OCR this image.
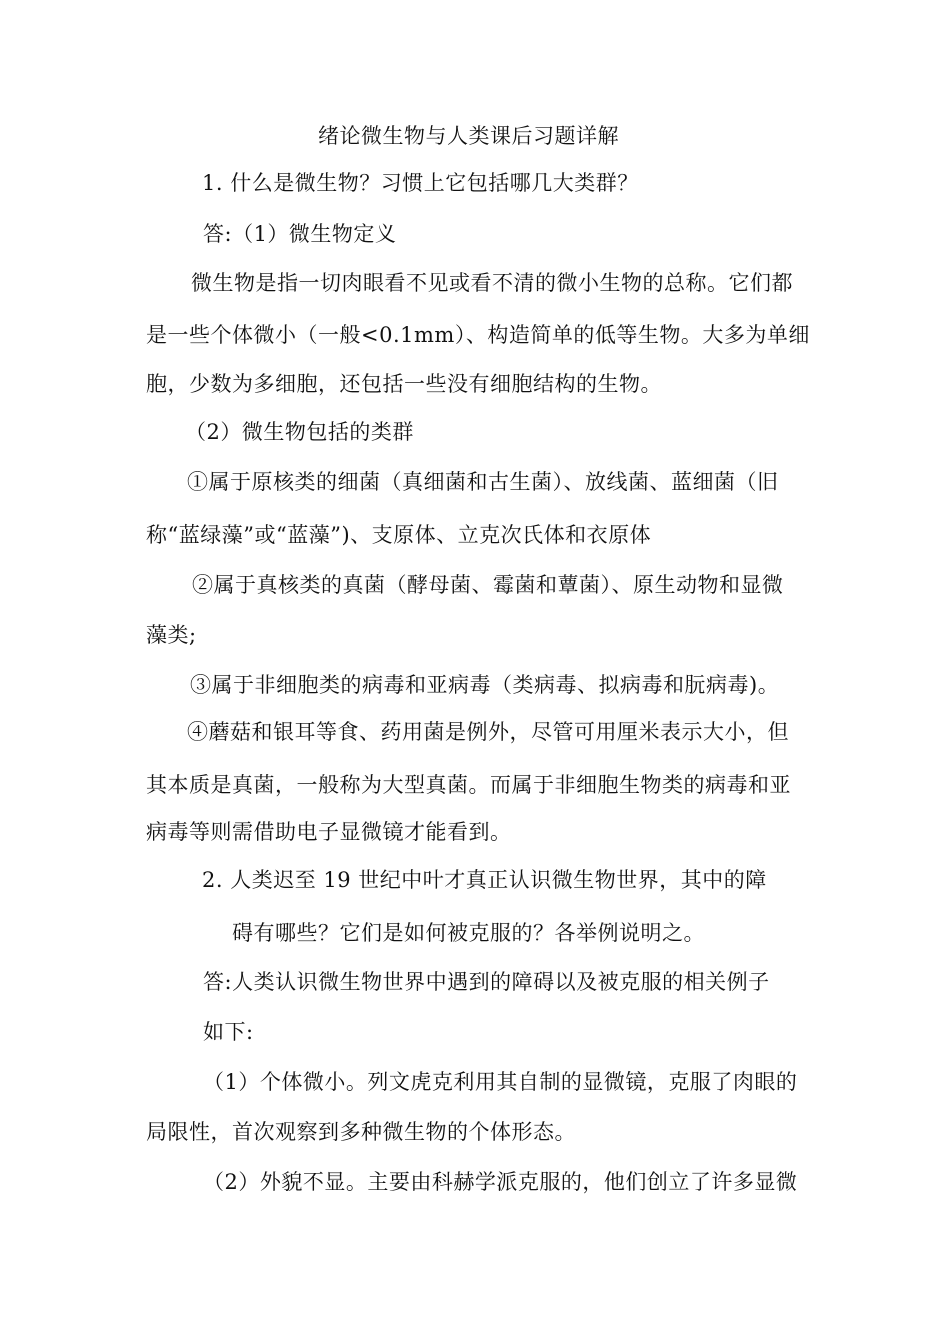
绪论微生物与人类课后习题详解
1. 什么是微生物？习惯上它包括哪几大类群？
答:（1）微生物定义
微生物是指一切肉眼看不见或看不清的微小生物的总称。它们都
是一些个体微小（一般<0.1mm）、构造简单的低等生物。大多为单细
胞，少数为多细胞，还包括一些没有细胞结构的生物。
（2）微生物包括的类群
①属于原核类的细菌（真细菌和古生菌）、放线菌、蓝细菌（旧
称“蓝绿藻”或“蓝藻”)、支原体、立克次氏体和衣原体
②属于真核类的真菌（酵母菌、霉菌和蕈菌）、原生动物和显微
藻类;
③属于非细胞类的病毒和亚病毒（类病毒、拟病毒和朊病毒)。
④蘑菇和银耳等食、药用菌是例外，尽管可用厘米表示大小，但
其本质是真菌，一般称为大型真菌。而属于非细胞生物类的病毒和亚
病毒等则需借助电子显微镜才能看到。
2. 人类迟至 19 世纪中叶才真正认识微生物世界，其中的障
碍有哪些？它们是如何被克服的？各举例说明之。
答:人类认识微生物世界中遇到的障碍以及被克服的相关例子
如下:
（1）个体微小。列文虎克利用其自制的显微镜，克服了肉眼的
局限性，首次观察到多种微生物的个体形态。
（2）外貌不显。主要由科赫学派克服的，他们创立了许多显微
